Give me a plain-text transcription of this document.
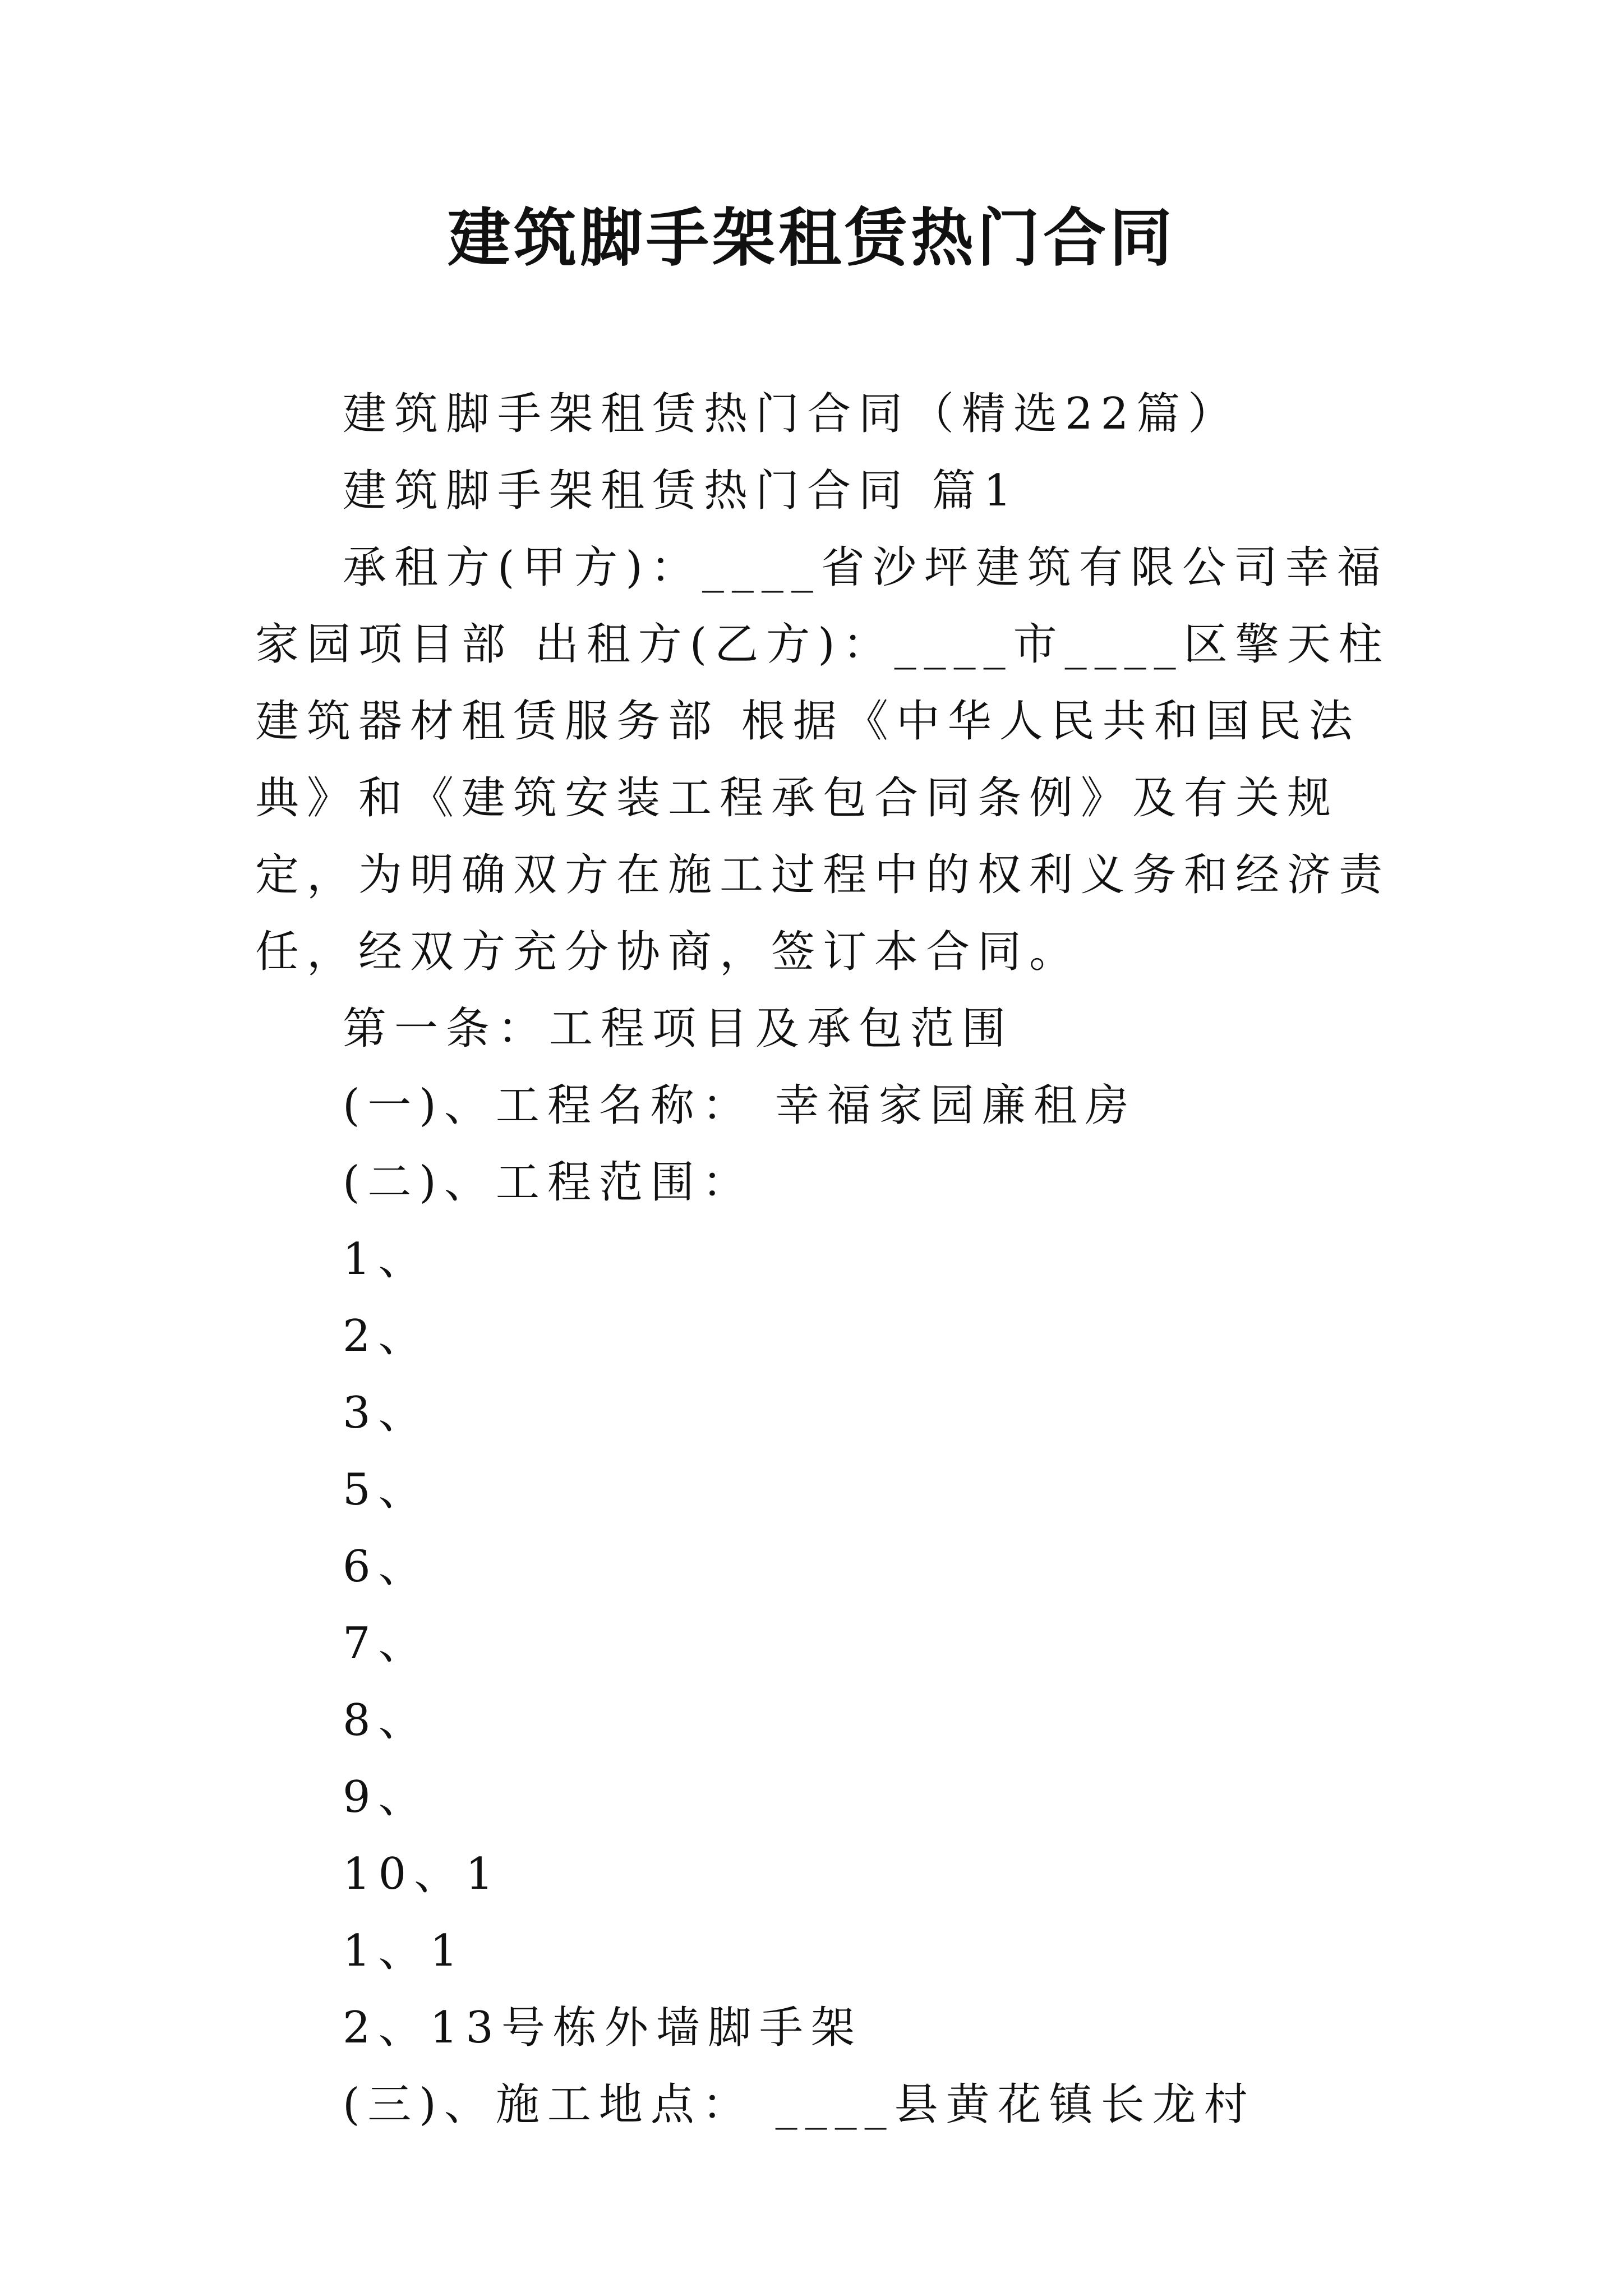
建筑脚手架租赁热门合同

建筑脚手架租赁热门合同（精选22篇）

建筑脚手架租赁热门合同 篇1

承租方(甲方)：____省沙坪建筑有限公司幸福家园项目部 出租方(乙方)：____市____区擎天柱建筑器材租赁服务部 根据《中华人民共和国民法典》和《建筑安装工程承包合同条例》及有关规定，为明确双方在施工过程中的权利义务和经济责任，经双方充分协商，签订本合同。

第一条：工程项目及承包范围

(一)、工程名称： 幸福家园廉租房

(二)、工程范围：

1、

2、

3、

5、

6、

7、

8、

9、

10、1

1、1

2、13号栋外墙脚手架

(三)、施工地点： ____县黄花镇长龙村
